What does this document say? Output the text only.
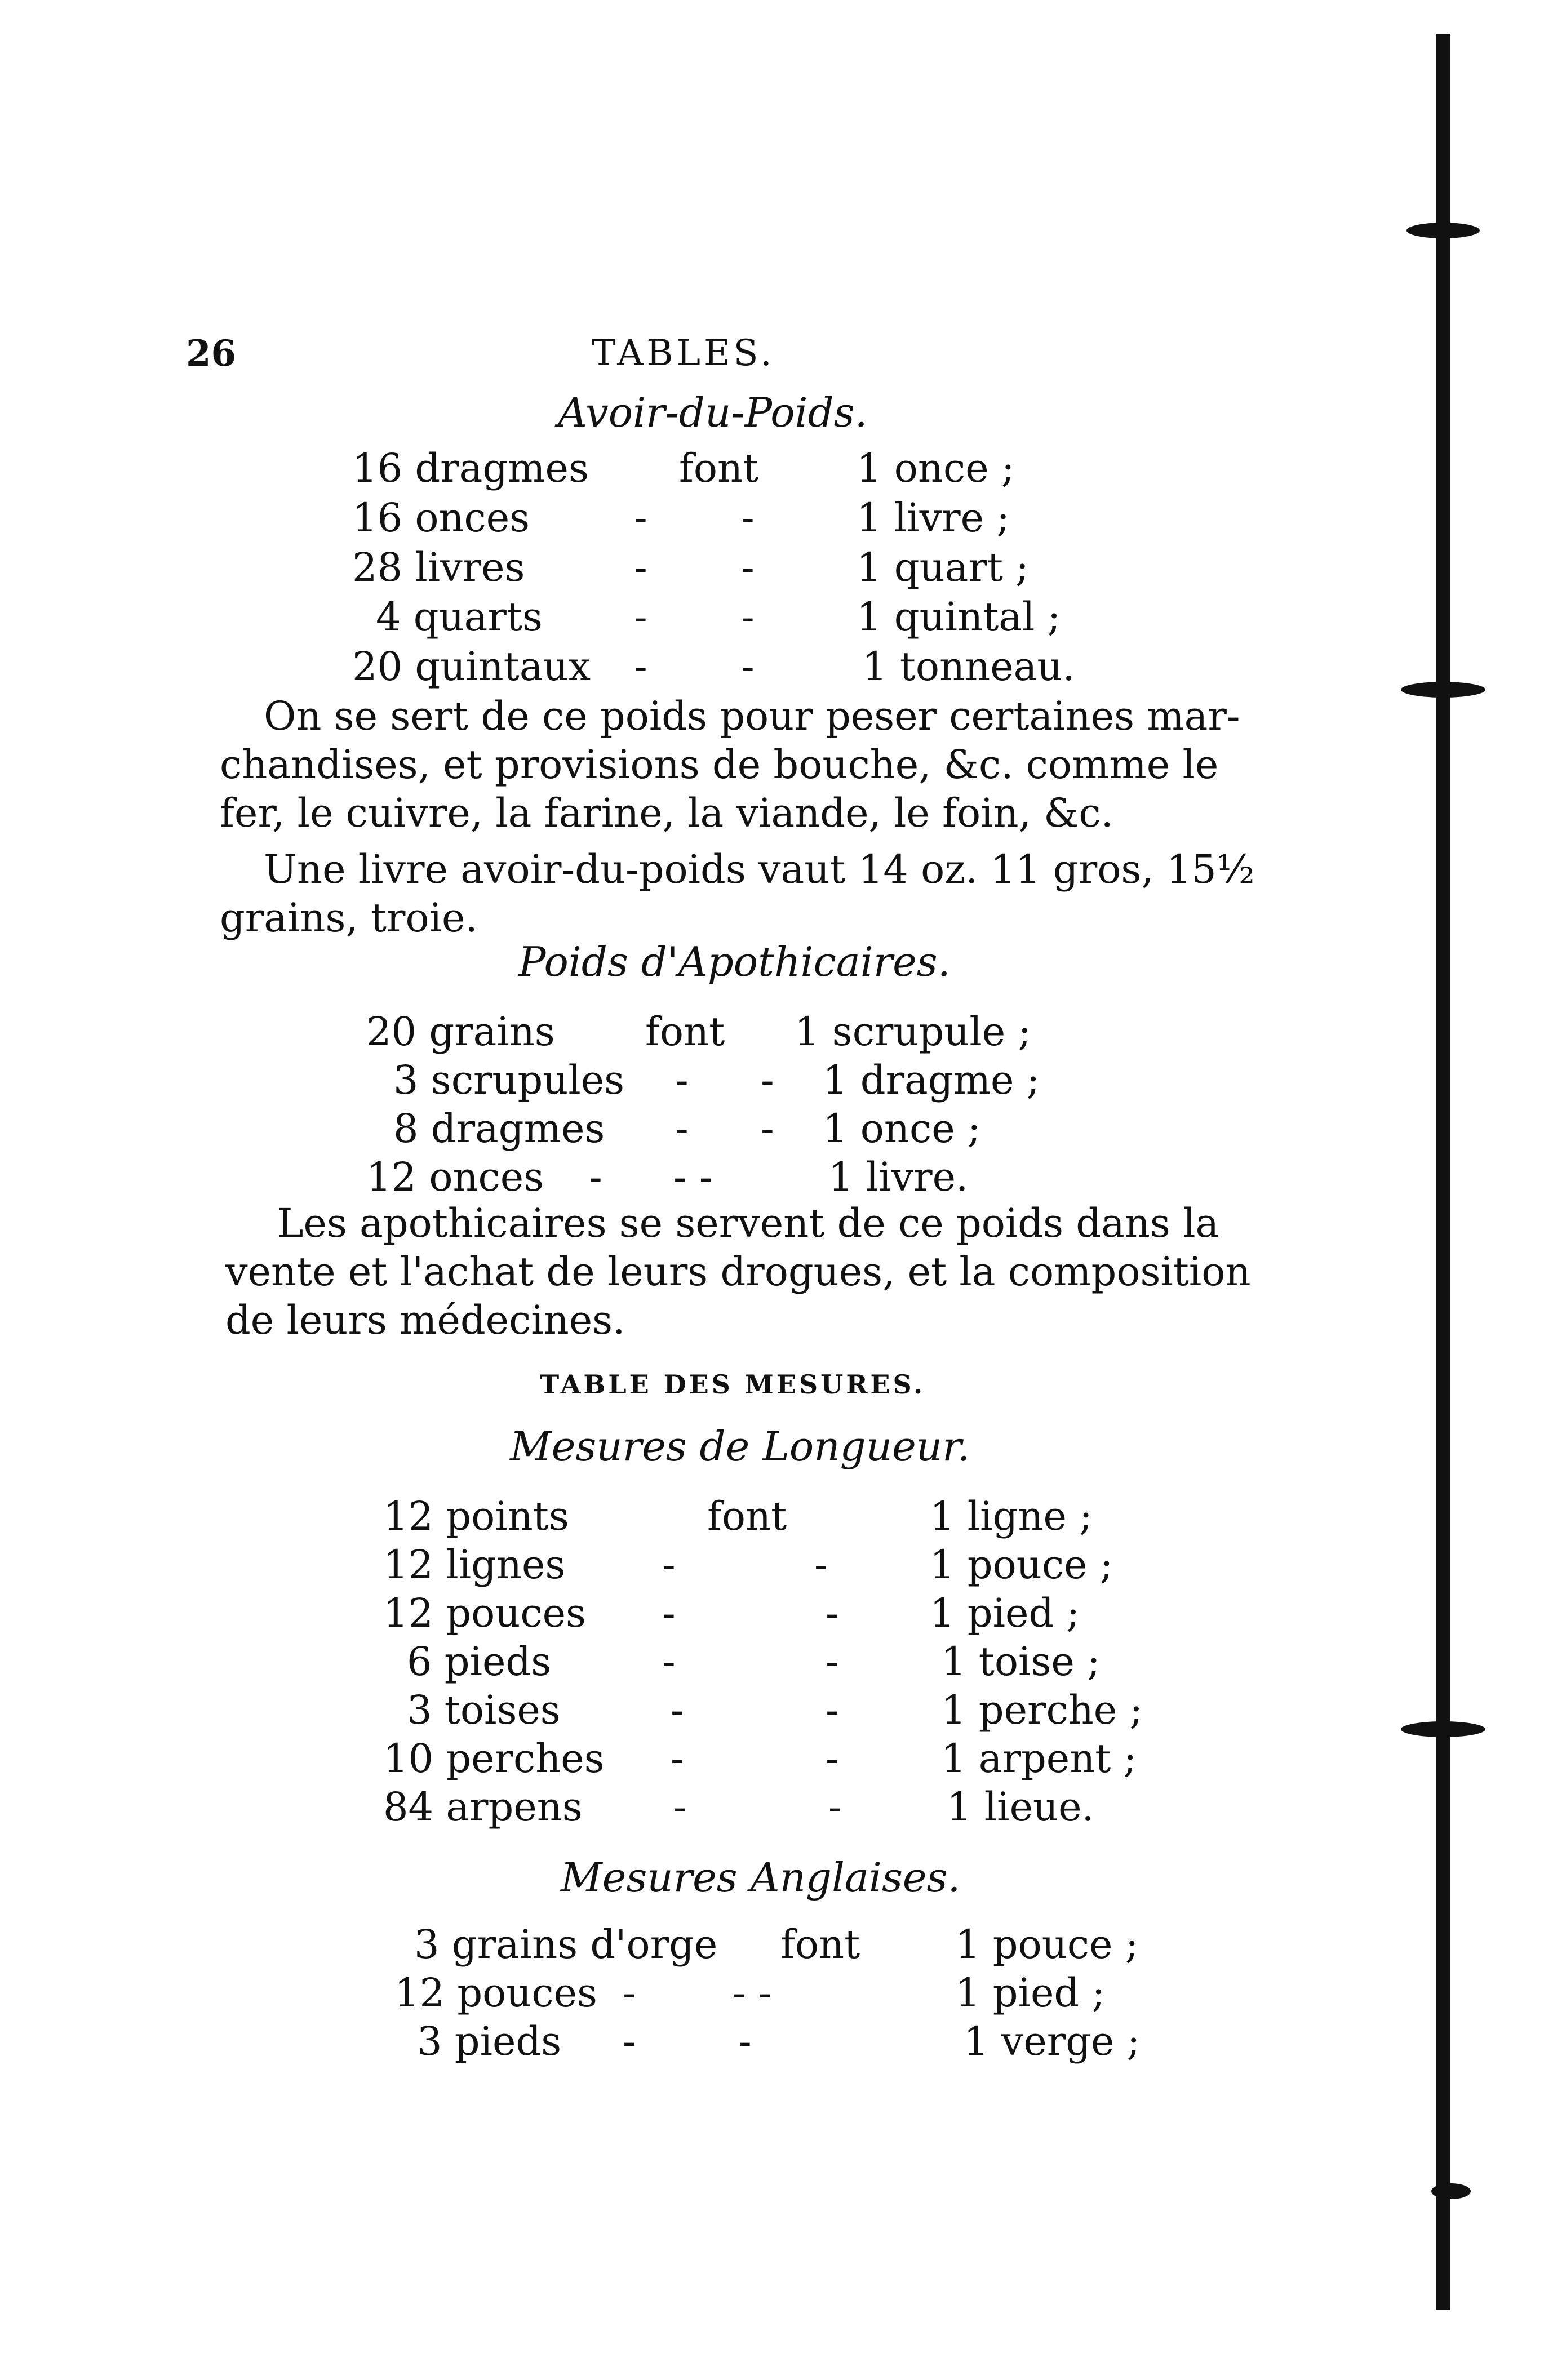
26	TABLES.
Avoir-du-Poids.
16 dragmes font 1 once ;
16 onces	- -	1 livre ;
28 livres	- -	1 quart ;
4 quarts - -	1 quintal ;
20 quintaux - -	1 tonneau.
On se sert de ce poids pour peser certaines mar-
chandises, et provisions de bouche, &c. comme le
fer, le cuivre, la farine, la viande, le foin, &c.
Une livre avoir-du-poids vaut 14 oz. 11 gros, 15½
grains, troie.
Poids d'Apothicaires.
20 grains font 1 scrupule ;
3 scrupules - - 1 dragme ;
8 dragmes - - 1 once ;
12 onces - - -	1 livre.
Les apothicaires se servent de ce poids dans la
vente et l'achat de leurs drogues, et la composition
de leurs médecines.
TABLE DES MESURES.
Mesures de Longueur.
12 points	font	1 ligne ;
12 lignes -	-	1 pouce ;
12 pouces -	- 1 pied ;
6 pieds	-	-	1 toise ;
3 toises	-	-	1 perche ;
10 perches -	-	1 arpent ;
84 arpens -	-	1 lieue.
Mesures Anglaises.
3 grains d'orge font 1 pouce ;
12 pouces - - -	1 pied ;
3 pieds -	-	1 verge ;
